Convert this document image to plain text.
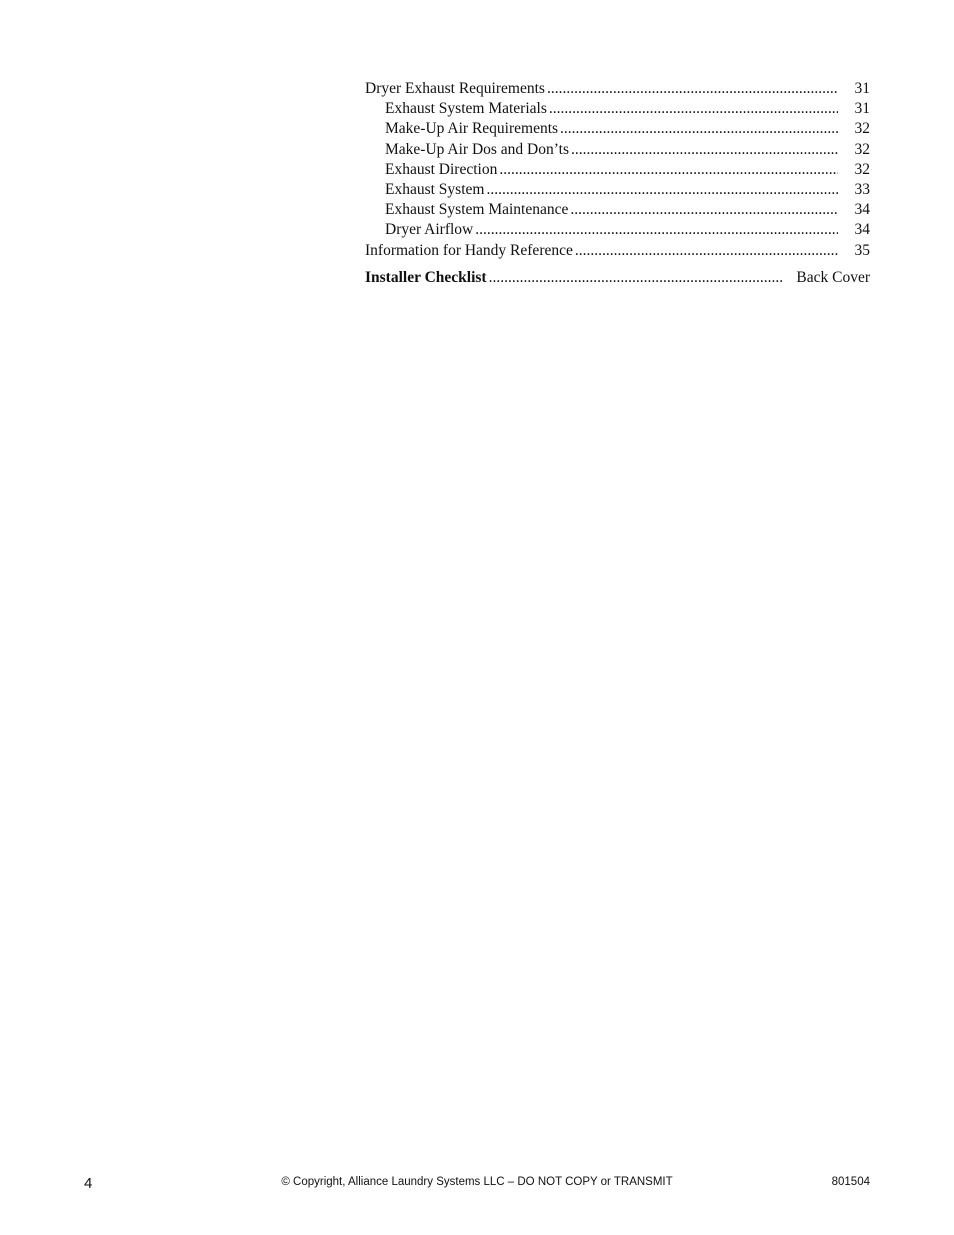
Dryer Exhaust Requirements .....	31
Exhaust System Materials .....	31
Make-Up Air Requirements .....	32
Make-Up Air Dos and Don’ts .....	32
Exhaust Direction .....	32
Exhaust System .....	33
Exhaust System Maintenance .....	34
Dryer Airflow .....	34
Information for Handy Reference .....	35
Installer Checklist .....	Back Cover
4	© Copyright, Alliance Laundry Systems LLC – DO NOT COPY or TRANSMIT	801504
